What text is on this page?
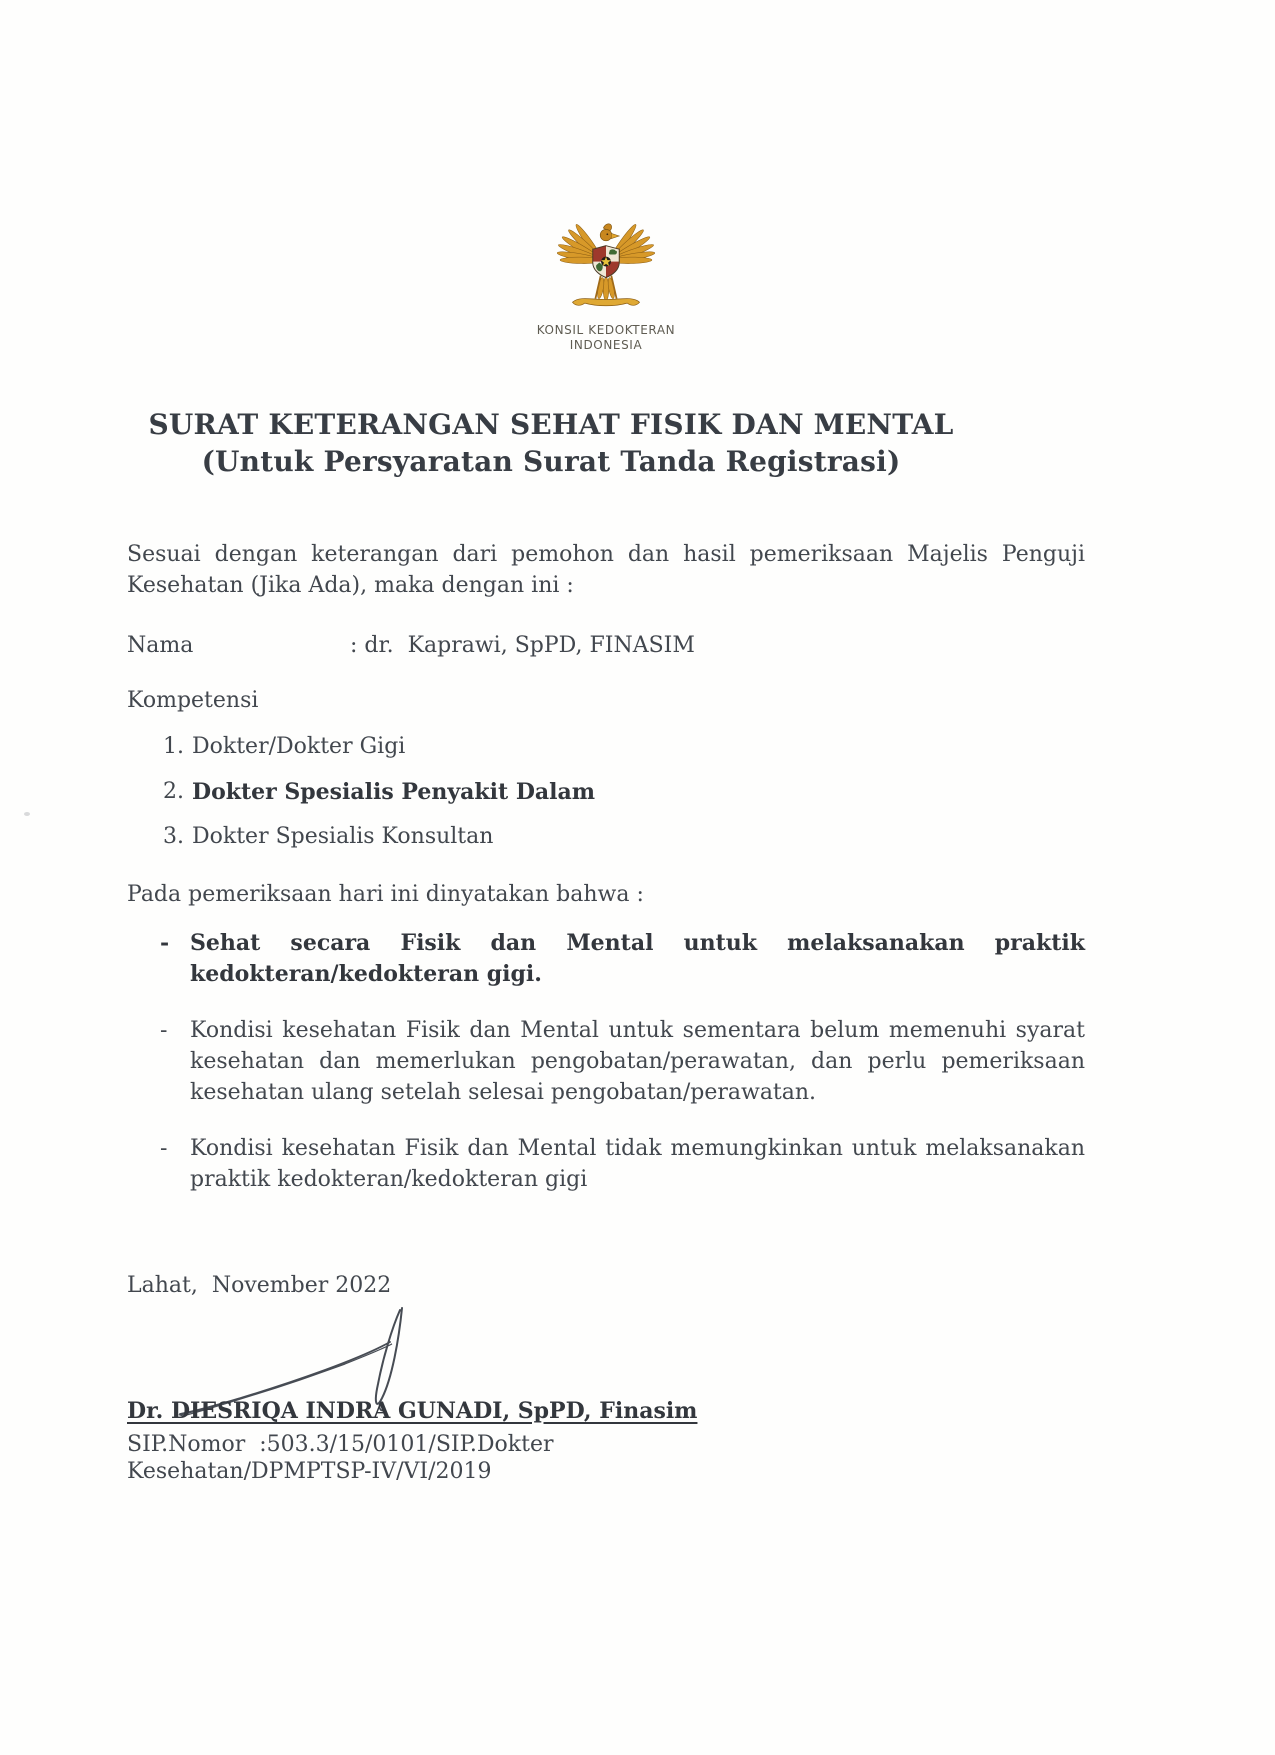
KONSIL KEDOKTERAN
INDONESIA
SURAT KETERANGAN SEHAT FISIK DAN MENTAL
(Untuk Persyaratan Surat Tanda Registrasi)
Sesuai dengan keterangan dari pemohon dan hasil pemeriksaan Majelis Penguji Kesehatan (Jika Ada), maka dengan ini :
Nama	: dr.  Kaprawi, SpPD, FINASIM
Kompetensi
1. Dokter/Dokter Gigi
2. Dokter Spesialis Penyakit Dalam
3. Dokter Spesialis Konsultan
Pada pemeriksaan hari ini dinyatakan bahwa :
- Sehat secara Fisik dan Mental untuk melaksanakan praktik kedokteran/kedokteran gigi.
-	Kondisi kesehatan Fisik dan Mental untuk sementara belum memenuhi syarat kesehatan dan memerlukan pengobatan/perawatan, dan perlu pemeriksaan kesehatan ulang setelah selesai pengobatan/perawatan.
-	Kondisi kesehatan Fisik dan Mental tidak memungkinkan untuk melaksanakan praktik kedokteran/kedokteran gigi
Lahat,  November 2022
Dr. DIESRIQA INDRA GUNADI, SpPD, Finasim
SIP.Nomor  :503.3/15/0101/SIP.Dokter
Kesehatan/DPMPTSP-IV/VI/2019
